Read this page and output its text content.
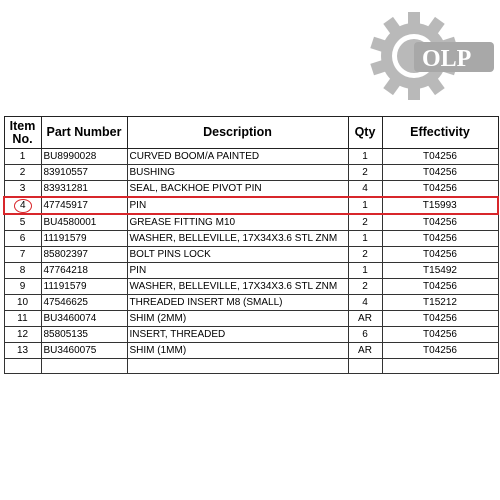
OLP
Item No.	Part Number	Description	Qty	Effectivity
1	BU8990028	CURVED BOOM/A PAINTED	1	T04256
2	83910557	BUSHING	2	T04256
3	83931281	SEAL, BACKHOE PIVOT PIN	4	T04256
4	47745917	PIN	1	T15993
5	BU4580001	GREASE FITTING M10	2	T04256
6	11191579	WASHER, BELLEVILLE, 17X34X3.6 STL ZNM	1	T04256
7	85802397	BOLT PINS LOCK	2	T04256
8	47764218	PIN	1	T15492
9	11191579	WASHER, BELLEVILLE, 17X34X3.6 STL ZNM	2	T04256
10	47546625	THREADED INSERT M8 (SMALL)	4	T15212
11	BU3460074	SHIM (2MM)	AR	T04256
12	85805135	INSERT, THREADED	6	T04256
13	BU3460075	SHIM (1MM)	AR	T04256
